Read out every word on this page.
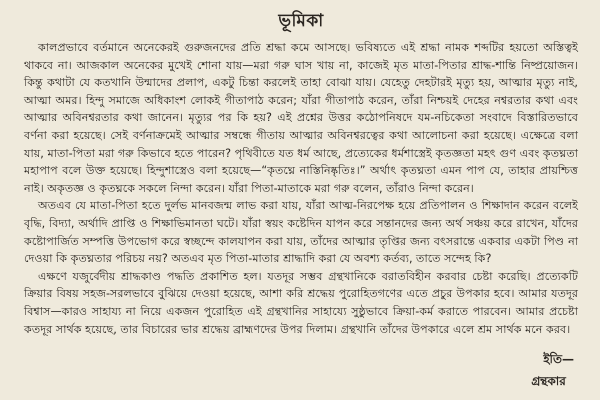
ভূমিকা

কালপ্রভাবে বর্তমানে অনেকেরই গুরুজনদের প্রতি শ্রদ্ধা কমে আসছে। ভবিষ্যতে এই শ্রদ্ধা নামক শব্দটির হয়তো অস্তিত্বই থাকবে না। আজকাল অনেকের মুখেই শোনা যায়—মরা গরু ঘাস খায় না, কাজেই মৃত মাতা-পিতার শ্রাদ্ধ-শান্তি নিষ্প্রয়োজন। কিন্তু কথাটা যে কতখানি উন্মাদের প্রলাপ, একটু চিন্তা করলেই তাহা বোঝা যায়। যেহেতু দেহটারই মৃত্যু হয়, আত্মার মৃত্যু নাই, আত্মা অমর। হিন্দু সমাজে অধিকাংশ লোকই গীতাপাঠ করেন; যাঁরা গীতাপাঠ করেন, তাঁরা নিশ্চয়ই দেহের নশ্বরতার কথা এবং আত্মার অবিনশ্বরতার কথা জানেন। মৃত্যুর পর কি হয়? এই প্রশ্নের উত্তর কঠোপনিষদে যম-নচিকেতা সংবাদে বিস্তারিতভাবে বর্ণনা করা হয়েছে। সেই বর্ণনাক্রমেই আত্মার সম্বন্ধে গীতায় আত্মার অবিনশ্বরত্বের কথা আলোচনা করা হয়েছে। এক্ষেত্রে বলা যায়, মাতা-পিতা মরা গরু কিভাবে হতে পারেন? পৃথিবীতে যত ধর্ম আছে, প্রত্যেকের ধর্মশাস্ত্রেই কৃতজ্ঞতা মহৎ গুণ এবং কৃতঘ্নতা মহাপাপ বলে উক্ত হয়েছে। হিন্দুশাস্ত্রেও বলা হয়েছে—“কৃতঘ্নে নাস্তিনিষ্কৃতিঃ।” অর্থাৎ কৃতঘ্নতা এমন পাপ যে, তাহার প্রায়শ্চিত্ত নাই। অকৃতজ্ঞ ও কৃতঘ্নকে সকলে নিন্দা করেন। যাঁরা পিতা-মাতাকে মরা গরু বলেন, তাঁরাও নিন্দা করেন।

অতএব যে মাতা-পিতা হতে দুর্লভ মানবজন্ম লাভ করা যায়, যাঁরা আত্ম-নিরপেক্ষ হয়ে প্রতিপালন ও শিক্ষাদান করেন বলেই বৃদ্ধি, বিদ্যা, অর্থাদি প্রাপ্তি ও শিক্ষাভিমানতা ঘটে। যাঁরা স্বয়ং কষ্টেদিন যাপন করে সন্তানদের জন্য অর্থ সঞ্চয় করে রাখেন, যাঁদের কষ্টোপার্জিত সম্পত্তি উপভোগ করে স্বচ্ছন্দে কালযাপন করা যায়, তাঁদের আত্মার তৃপ্তির জন্য বৎসরান্তে একবার একটা পিণ্ড না দেওয়া কি কৃতঘ্নতার পরিচয় নয়? অতএব মৃত পিতা-মাতার শ্রাদ্ধাদি করা যে অবশ্য কর্তব্য, তাতে সন্দেহ কি?

এক্ষণে যজুর্বেদীয় শ্রাদ্ধকাণ্ড পদ্ধতি প্রকাশিত হল। যতদূর সম্ভব গ্রন্থখানিকে বরাতবিহীন করবার চেষ্টা করেছি। প্রত্যেকটি ক্রিয়ার বিষয় সহজ-সরলভাবে বুঝিয়ে দেওয়া হয়েছে, আশা করি শ্রদ্ধেয় পুরোহিতগণের এতে প্রচুর উপকার হবে। আমার যতদূর বিশ্বাস—কারও সাহায্য না নিয়ে একজন পুরোহিত এই গ্রন্থখানির সাহায্যে সুষ্ঠুভাবে ক্রিয়া-কর্ম করাতে পারবেন। আমার প্রচেষ্টা কতদূর সার্থক হয়েছে, তার বিচারের ভার শ্রদ্ধেয় ব্রাহ্মণদের উপর দিলাম। গ্রন্থখানি তাঁদের উপকারে এলে শ্রম সার্থক মনে করব।

ইতি—
গ্রন্থকার
